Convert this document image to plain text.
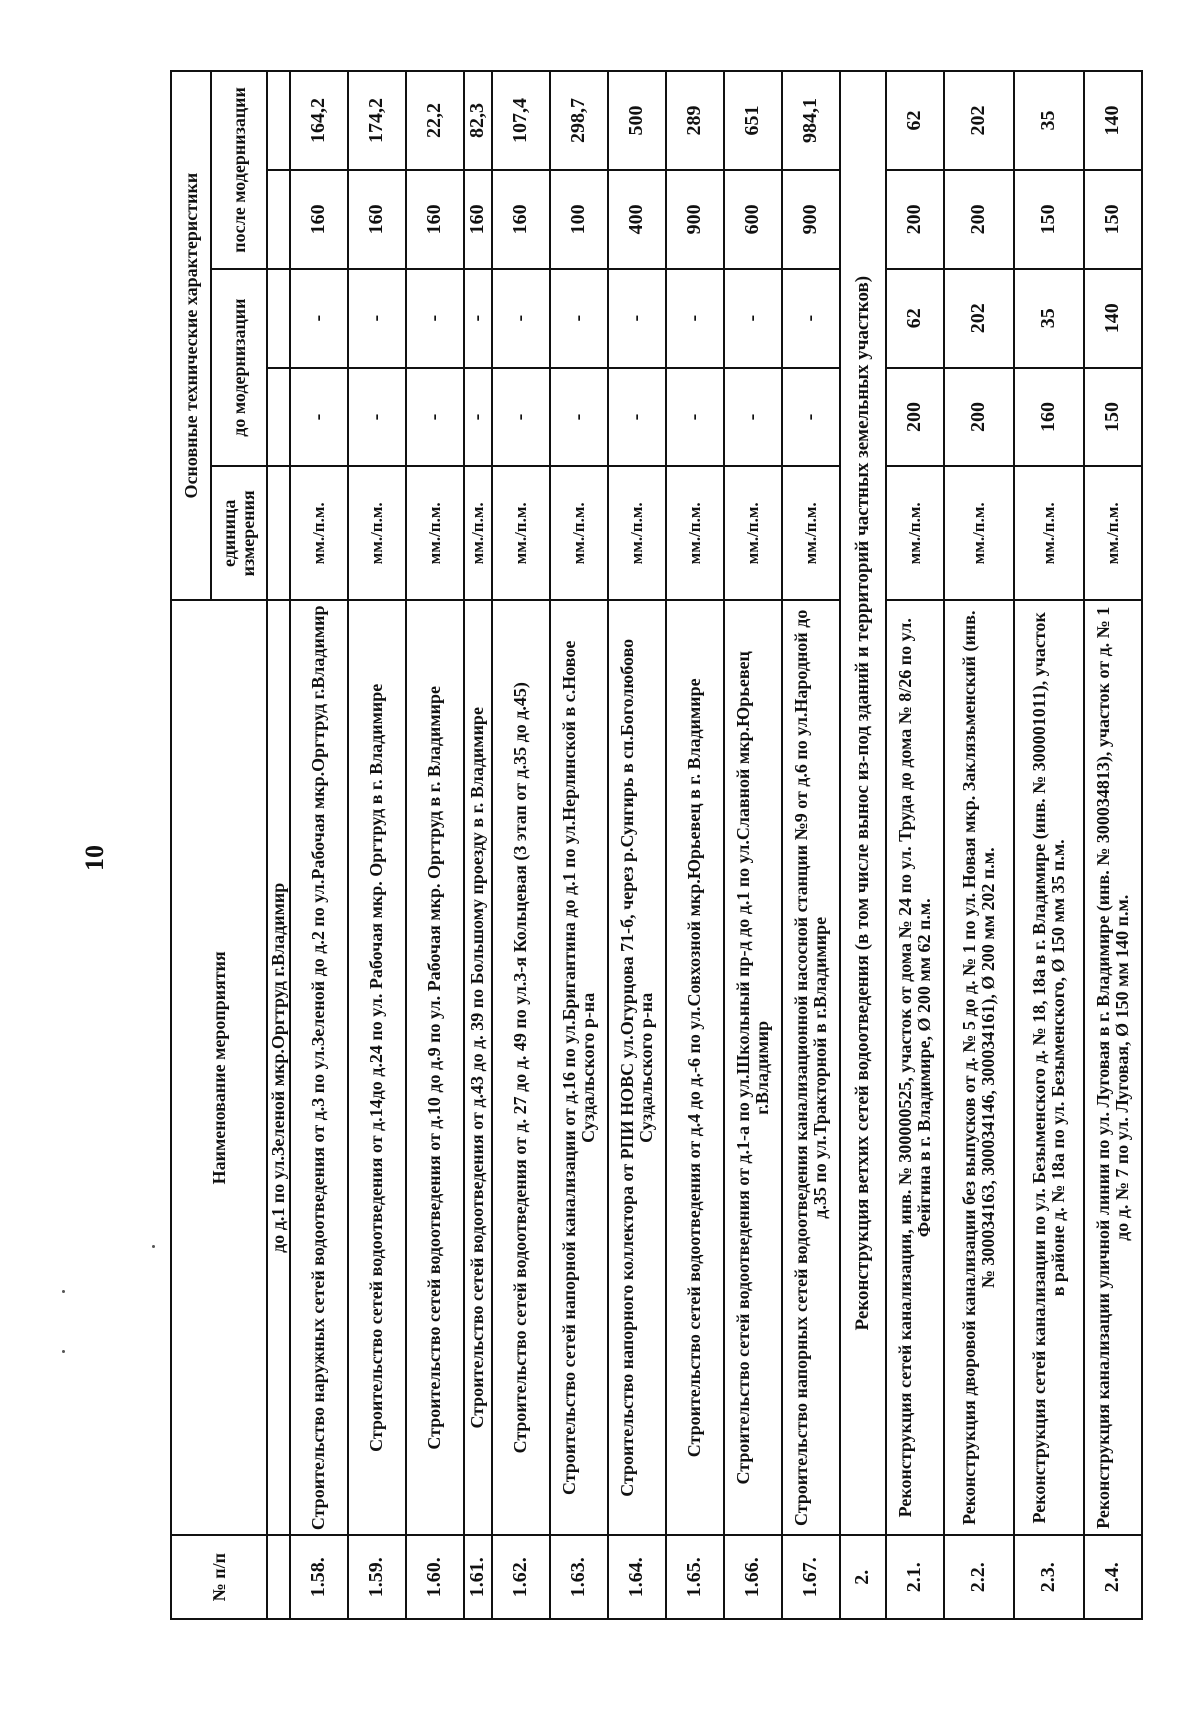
10
№ п/п	Наименование мероприятия	Основные технические характеристики				
		единица измерения	до модернизации		после модернизации	
	до д.1 по ул.Зеленой мкр.Оргтруд г.Владимир					
1.58.	Строительство наружных сетей водоотведения от д.3 по ул.Зеленой до д.2 по ул.Рабочая мкр.Оргтруд г.Владимир	мм./п.м.	-	-	160	164,2
1.59.	Строительство сетей водоотведения от д.14до д.24 по ул. Рабочая мкр. Оргтруд в г. Владимире	мм./п.м.	-	-	160	174,2
1.60.	Строительство сетей водоотведения от д.10 до д.9 по ул. Рабочая мкр. Оргтруд в г. Владимире	мм./п.м.	-	-	160	22,2
1.61.	Строительство сетей водоотведения от д.43 до д. 39 по Большому проезду в г. Владимире	мм./п.м.	-	-	160	82,3
1.62.	Строительство сетей водоотведения от д. 27 до д. 49 по ул.3-я Кольцевая (3 этап от д.35 до д.45)	мм./п.м.	-	-	160	107,4
1.63.	Строительство сетей напорной канализации от д.16 по ул.Бригантина до д.1 по ул.Нерлинской в с.Новое Суздальского р-на	мм./п.м.	-	-	100	298,7
1.64.	Строительство напорного коллектора от РПИ НОВС ул.Огурцова 71-б, через р.Сунгирь в сп.Боголюбово Суздальского р-на	мм./п.м.	-	-	400	500
1.65.	Строительство сетей водоотведения от д.4 до д.-6 по ул.Совхозной мкр.Юрьевец в г. Владимире	мм./п.м.	-	-	900	289
1.66.	Строительство сетей водоотведения от д.1-а по ул.Школьный пр-д до д.1 по ул.Славной мкр.Юрьевец г.Владимир	мм./п.м.	-	-	600	651
1.67.	Строительство напорных сетей водоотведения канализационной насосной станции №9 от д.6 по ул.Народной до д.35 по ул.Тракторной в г.Владимире	мм./п.м.	-	-	900	984,1
2.	Реконструкция ветхих сетей водоотведения (в том числе вынос из-под зданий и территорий частных земельных участков)					
2.1.	Реконструкция сетей канализации, инв. № 300000525, участок от дома № 24 по ул. Труда до дома № 8/26 по ул. Фейгина в г. Владимире, Ø 200 мм 62 п.м.	мм./п.м.	200	62	200	62
2.2.	Реконструкция дворовой канализации без выпусков от д. № 5 до д. № 1 по ул. Новая мкр. Заклязьменский (инв. № 300034163, 300034146, 300034161), Ø 200 мм 202 п.м.	мм./п.м.	200	202	200	202
2.3.	Реконструкция сетей канализации по ул. Безыменского д. № 18, 18а в г. Владимире (инв. № 300001011), участок в районе д. № 18а по ул. Безыменского, Ø 150 мм 35 п.м.	мм./п.м.	160	35	150	35
2.4.	Реконструкция канализации уличной линии по ул. Луговая в г. Владимире (инв. № 300034813), участок от д. № 1 до д. № 7 по ул. Луговая, Ø 150 мм 140 п.м.	мм./п.м.	150	140	150	140
